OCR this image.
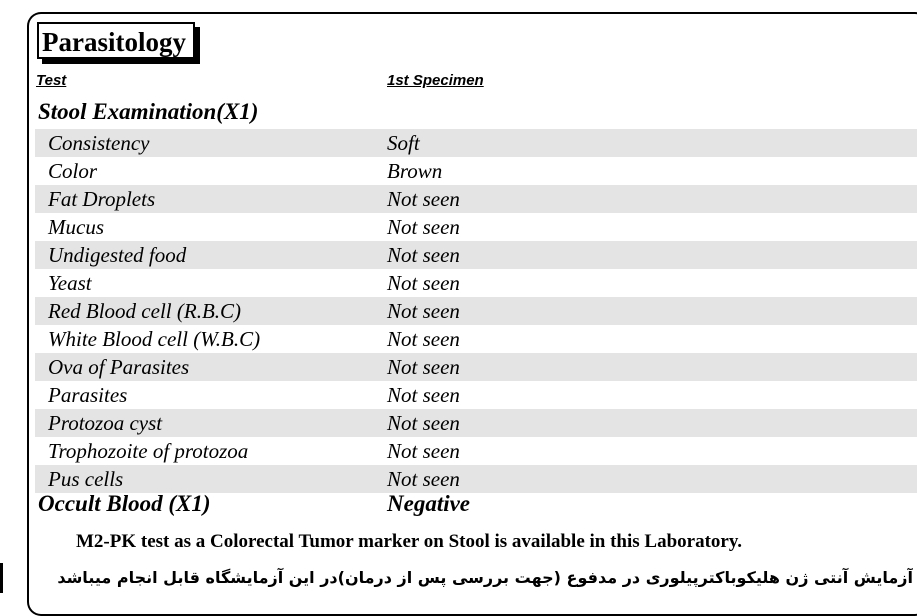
Parasitology
Test	1st Specimen
Stool Examination(X1)
Consistency	Soft
Color	Brown
Fat Droplets	Not seen
Mucus	Not seen
Undigested food	Not seen
Yeast	Not seen
Red Blood cell (R.B.C)	Not seen
White Blood cell (W.B.C)	Not seen
Ova of Parasites	Not seen
Parasites	Not seen
Protozoa cyst	Not seen
Trophozoite of protozoa	Not seen
Pus cells	Not seen
Occult Blood (X1)	Negative
M2-PK test as a Colorectal Tumor marker on Stool is available in this Laboratory.
آزمایش آنتی ژن هلیکوباکترپیلوری در مدفوع (جهت بررسی پس از درمان)در این آزمایشگاه قابل انجام میباشد
